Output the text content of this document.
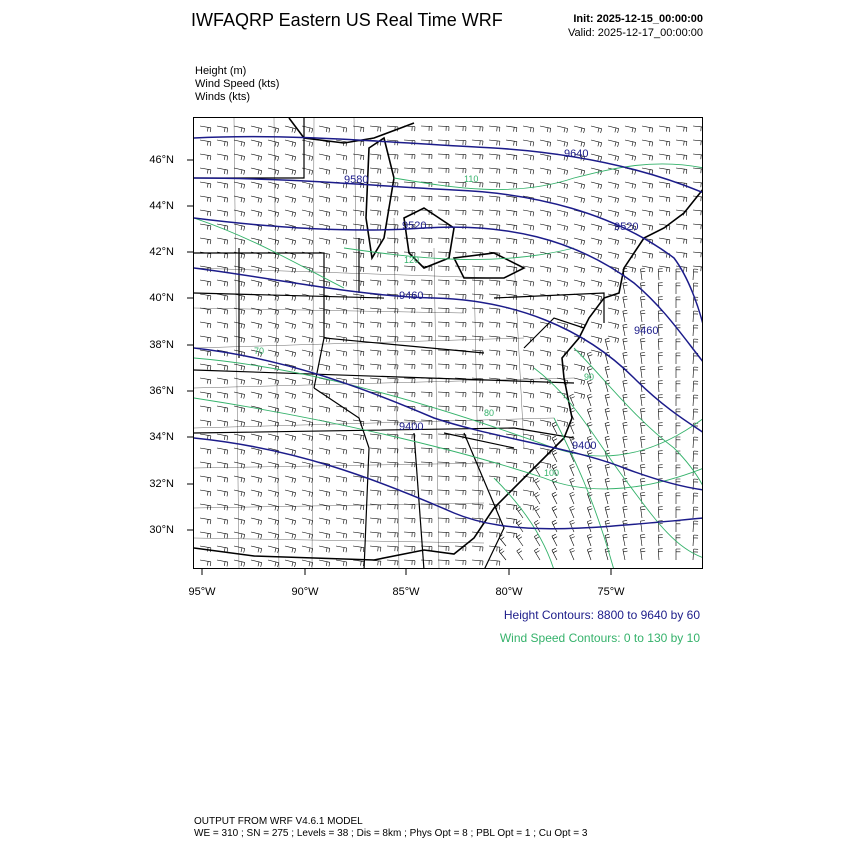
IWFAQRP Eastern US Real Time WRF	Init: 2025-12-15_00:00:00
Valid: 2025-12-17_00:00:00
Height (m)
Wind Speed (kts)
Winds (kts)
9640
9580
9520
9460
9460
9400
9400
9520
70
80
100
90
110
120
46°N
44°N
42°N
40°N
38°N
36°N
34°N
32°N
30°N
95°W	90°W	85°W	80°W	75°W
Height Contours: 8800 to 9640 by 60
Wind Speed Contours: 0 to 130 by 10
OUTPUT FROM WRF V4.6.1 MODEL
WE = 310 ; SN = 275 ; Levels = 38 ; Dis = 8km ; Phys Opt = 8 ; PBL Opt = 1 ; Cu Opt = 3
